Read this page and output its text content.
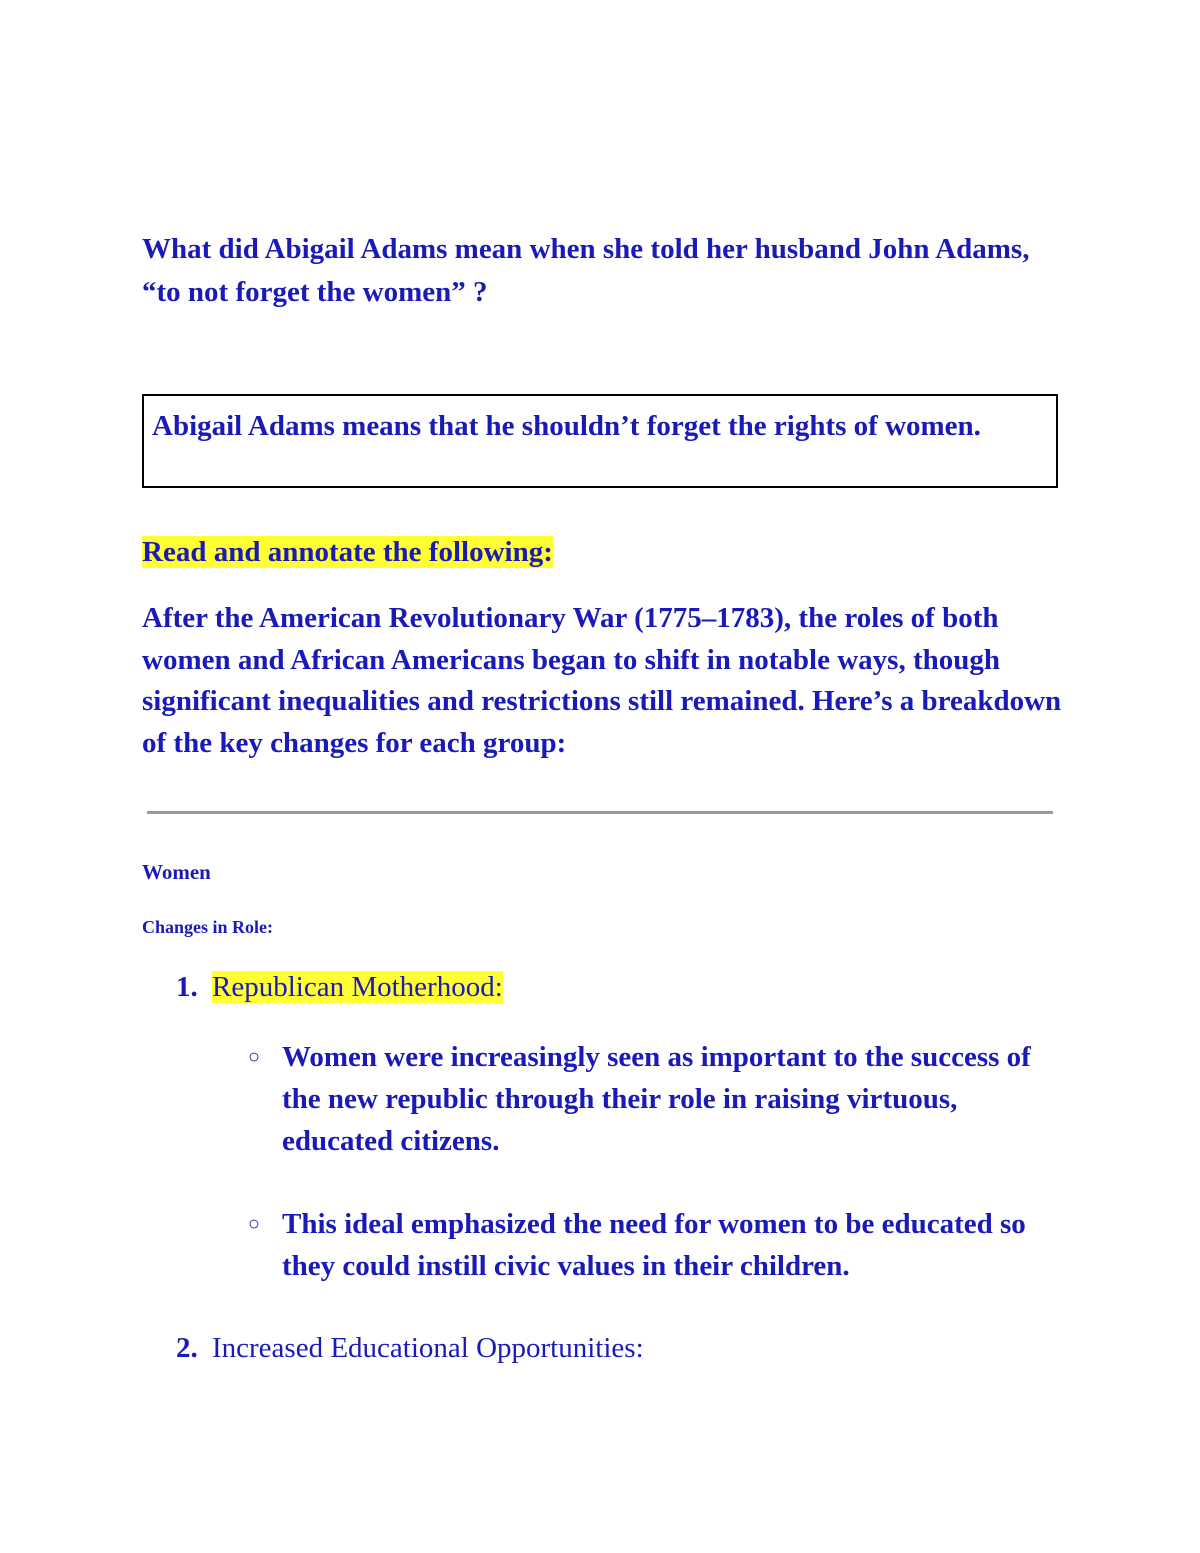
What did Abigail Adams mean when she told her husband John Adams, “to not forget the women” ?

Abigail Adams means that he shouldn’t forget the rights of women.

Read and annotate the following:

After the American Revolutionary War (1775–1783), the roles of both women and African Americans began to shift in notable ways, though significant inequalities and restrictions still remained. Here’s a breakdown of the key changes for each group:

Women

Changes in Role:

1. Republican Motherhood:

○ Women were increasingly seen as important to the success of the new republic through their role in raising virtuous, educated citizens.
○ This ideal emphasized the need for women to be educated so they could instill civic values in their children.

2. Increased Educational Opportunities:
